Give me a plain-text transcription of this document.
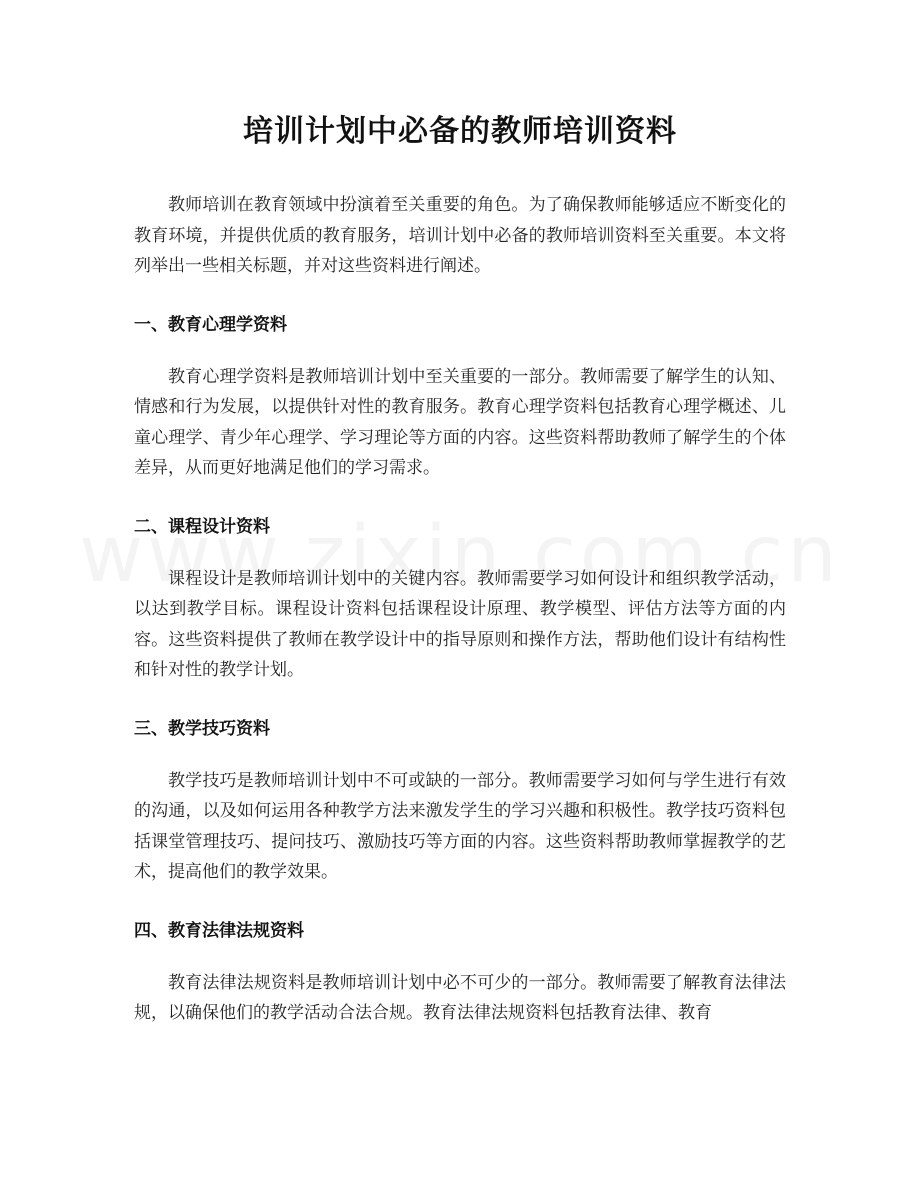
培训计划中必备的教师培训资料

教师培训在教育领域中扮演着至关重要的角色。为了确保教师能够适应不断变化的教育环境，并提供优质的教育服务，培训计划中必备的教师培训资料至关重要。本文将列举出一些相关标题，并对这些资料进行阐述。

一、教育心理学资料

教育心理学资料是教师培训计划中至关重要的一部分。教师需要了解学生的认知、情感和行为发展，以提供针对性的教育服务。教育心理学资料包括教育心理学概述、儿童心理学、青少年心理学、学习理论等方面的内容。这些资料帮助教师了解学生的个体差异，从而更好地满足他们的学习需求。

二、课程设计资料

课程设计是教师培训计划中的关键内容。教师需要学习如何设计和组织教学活动，以达到教学目标。课程设计资料包括课程设计原理、教学模型、评估方法等方面的内容。这些资料提供了教师在教学设计中的指导原则和操作方法，帮助他们设计有结构性和针对性的教学计划。

三、教学技巧资料

教学技巧是教师培训计划中不可或缺的一部分。教师需要学习如何与学生进行有效的沟通，以及如何运用各种教学方法来激发学生的学习兴趣和积极性。教学技巧资料包括课堂管理技巧、提问技巧、激励技巧等方面的内容。这些资料帮助教师掌握教学的艺术，提高他们的教学效果。

四、教育法律法规资料

教育法律法规资料是教师培训计划中必不可少的一部分。教师需要了解教育法律法规，以确保他们的教学活动合法合规。教育法律法规资料包括教育法律、教育
